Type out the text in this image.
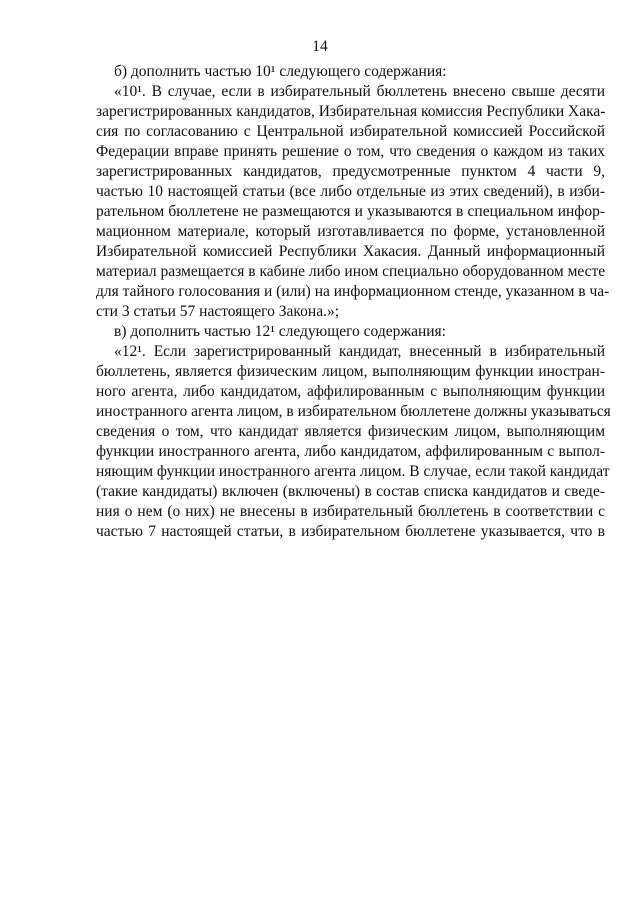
14
б) дополнить частью 10¹ следующего содержания:
«10¹. В случае, если в избирательный бюллетень внесено свыше десяти
зарегистрированных кандидатов, Избирательная комиссия Республики Хака-
сия по согласованию с Центральной избирательной комиссией Российской
Федерации вправе принять решение о том, что сведения о каждом из таких
зарегистрированных кандидатов, предусмотренные пунктом 4 части 9,
частью 10 настоящей статьи (все либо отдельные из этих сведений), в изби-
рательном бюллетене не размещаются и указываются в специальном инфор-
мационном материале, который изготавливается по форме, установленной
Избирательной комиссией Республики Хакасия. Данный информационный
материал размещается в кабине либо ином специально оборудованном месте
для тайного голосования и (или) на информационном стенде, указанном в ча-
сти 3 статьи 57 настоящего Закона.»;
в) дополнить частью 12¹ следующего содержания:
«12¹. Если зарегистрированный кандидат, внесенный в избирательный
бюллетень, является физическим лицом, выполняющим функции иностран-
ного агента, либо кандидатом, аффилированным с выполняющим функции
иностранного агента лицом, в избирательном бюллетене должны указываться
сведения о том, что кандидат является физическим лицом, выполняющим
функции иностранного агента, либо кандидатом, аффилированным с выпол-
няющим функции иностранного агента лицом. В случае, если такой кандидат
(такие кандидаты) включен (включены) в состав списка кандидатов и сведе-
ния о нем (о них) не внесены в избирательный бюллетень в соответствии с
частью 7 настоящей статьи, в избирательном бюллетене указывается, что в
